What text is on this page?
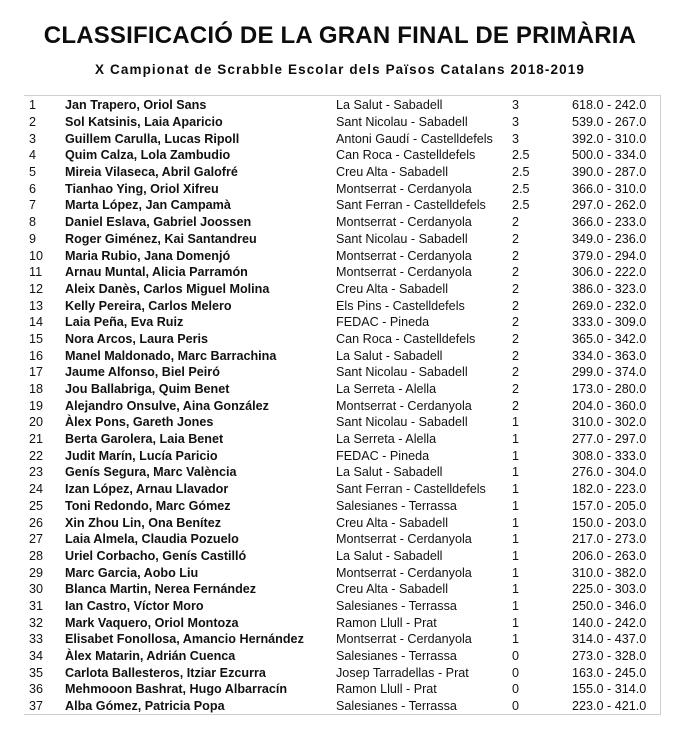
CLASSIFICACIÓ DE LA GRAN FINAL DE PRIMÀRIA
X Campionat de Scrabble Escolar dels Països Catalans 2018-2019
1	Jan Trapero, Oriol Sans	La Salut - Sabadell	3	618.0 - 242.0
2	Sol Katsinis, Laia Aparicio	Sant Nicolau - Sabadell	3	539.0 - 267.0
3	Guillem Carulla, Lucas Ripoll	Antoni Gaudí - Castelldefels	3	392.0 - 310.0
4	Quim Calza, Lola Zambudio	Can Roca - Castelldefels	2.5	500.0 - 334.0
5	Mireia Vilaseca, Abril Galofré	Creu Alta - Sabadell	2.5	390.0 - 287.0
6	Tianhao Ying, Oriol Xifreu	Montserrat - Cerdanyola	2.5	366.0 - 310.0
7	Marta López, Jan Campamà	Sant Ferran - Castelldefels	2.5	297.0 - 262.0
8	Daniel Eslava, Gabriel Joossen	Montserrat - Cerdanyola	2	366.0 - 233.0
9	Roger Giménez, Kai Santandreu	Sant Nicolau - Sabadell	2	349.0 - 236.0
10	Maria Rubio, Jana Domenjó	Montserrat - Cerdanyola	2	379.0 - 294.0
11	Arnau Muntal, Alicia Parramón	Montserrat - Cerdanyola	2	306.0 - 222.0
12	Aleix Danès, Carlos Miguel Molina	Creu Alta - Sabadell	2	386.0 - 323.0
13	Kelly Pereira, Carlos Melero	Els Pins - Castelldefels	2	269.0 - 232.0
14	Laia Peña, Eva Ruiz	FEDAC - Pineda	2	333.0 - 309.0
15	Nora Arcos, Laura Peris	Can Roca - Castelldefels	2	365.0 - 342.0
16	Manel Maldonado, Marc Barrachina	La Salut - Sabadell	2	334.0 - 363.0
17	Jaume Alfonso, Biel Peiró	Sant Nicolau - Sabadell	2	299.0 - 374.0
18	Jou Ballabriga, Quim Benet	La Serreta - Alella	2	173.0 - 280.0
19	Alejandro Onsulve, Aina González	Montserrat - Cerdanyola	2	204.0 - 360.0
20	Àlex Pons, Gareth Jones	Sant Nicolau - Sabadell	1	310.0 - 302.0
21	Berta Garolera, Laia Benet	La Serreta - Alella	1	277.0 - 297.0
22	Judit Marín, Lucía Paricio	FEDAC - Pineda	1	308.0 - 333.0
23	Genís Segura, Marc València	La Salut - Sabadell	1	276.0 - 304.0
24	Izan López, Arnau Llavador	Sant Ferran - Castelldefels	1	182.0 - 223.0
25	Toni Redondo, Marc Gómez	Salesianes - Terrassa	1	157.0 - 205.0
26	Xin Zhou Lin, Ona Benítez	Creu Alta - Sabadell	1	150.0 - 203.0
27	Laia Almela, Claudia Pozuelo	Montserrat - Cerdanyola	1	217.0 - 273.0
28	Uriel Corbacho, Genís Castilló	La Salut - Sabadell	1	206.0 - 263.0
29	Marc Garcia, Aobo Liu	Montserrat - Cerdanyola	1	310.0 - 382.0
30	Blanca Martin, Nerea Fernández	Creu Alta - Sabadell	1	225.0 - 303.0
31	Ian Castro, Víctor Moro	Salesianes - Terrassa	1	250.0 - 346.0
32	Mark Vaquero, Oriol Montoza	Ramon Llull - Prat	1	140.0 - 242.0
33	Elisabet Fonollosa, Amancio Hernández	Montserrat - Cerdanyola	1	314.0 - 437.0
34	Àlex Matarin, Adrián Cuenca	Salesianes - Terrassa	0	273.0 - 328.0
35	Carlota Ballesteros, Itziar Ezcurra	Josep Tarradellas - Prat	0	163.0 - 245.0
36	Mehmooon Bashrat, Hugo Albarracín	Ramon Llull - Prat	0	155.0 - 314.0
37	Alba Gómez, Patricia Popa	Salesianes - Terrassa	0	223.0 - 421.0
